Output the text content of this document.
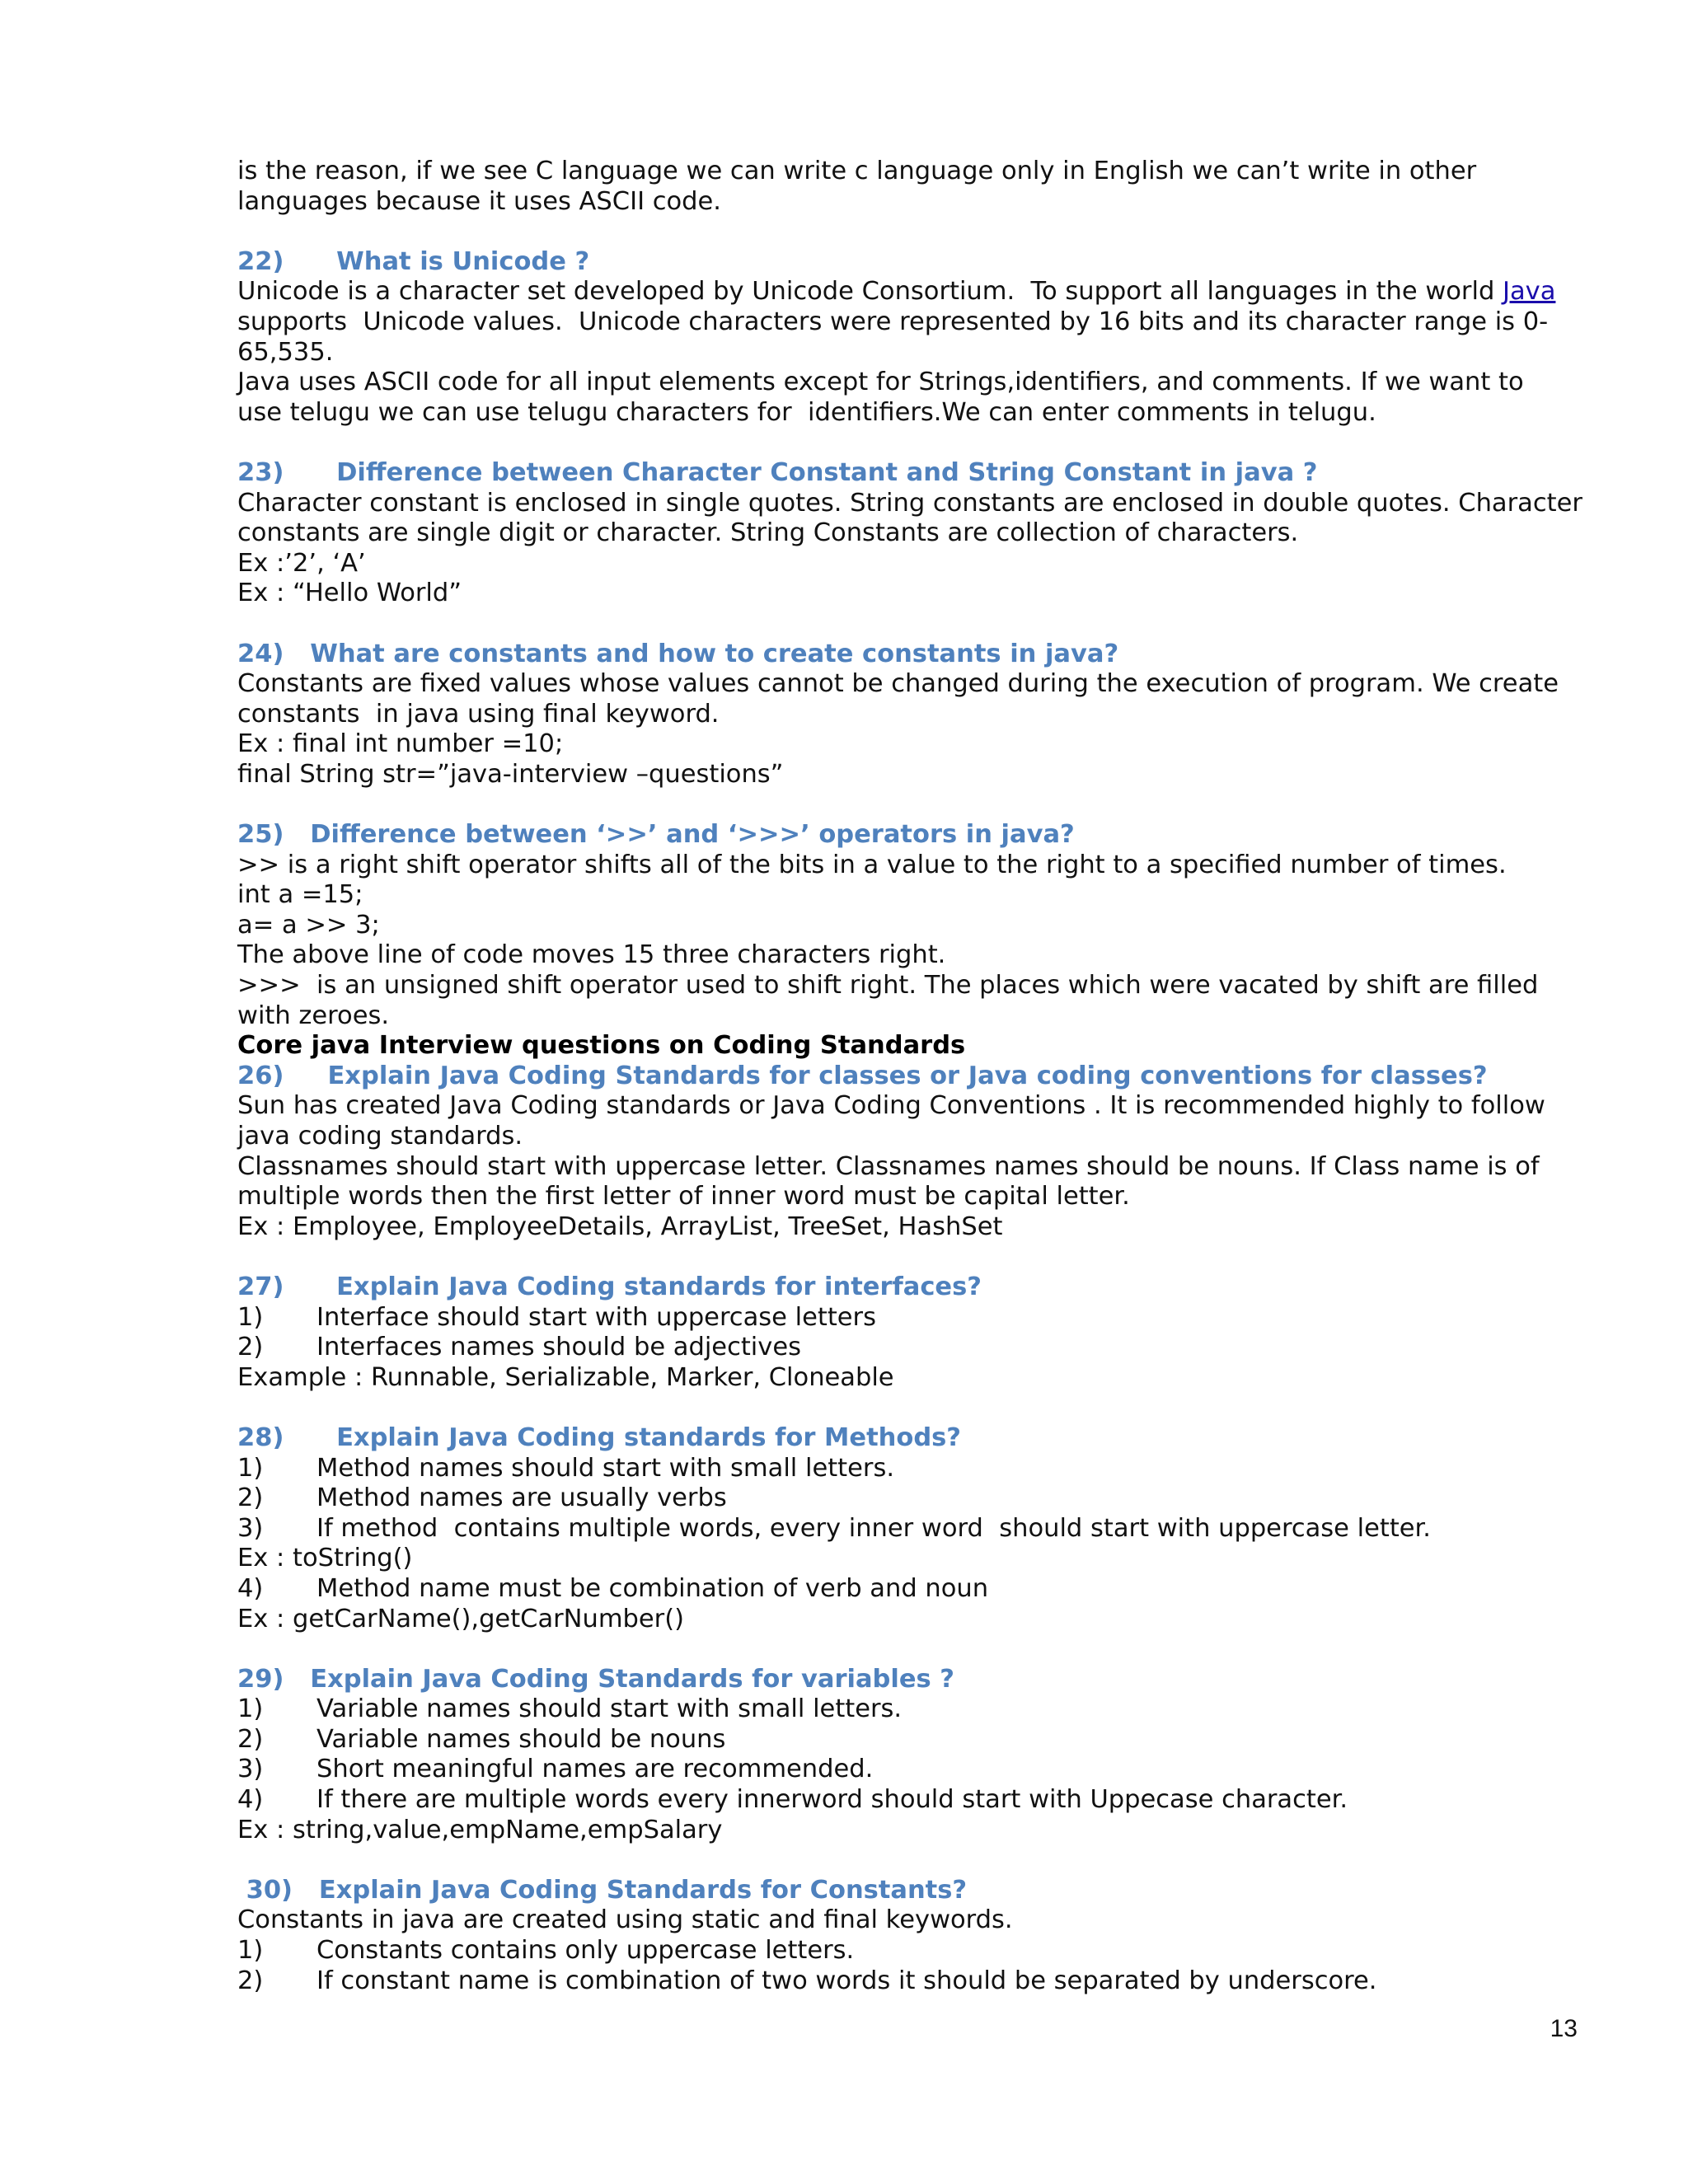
is the reason, if we see C language we can write c language only in English we can’t write in other
languages because it uses ASCII code.
22)      What is Unicode ?
Unicode is a character set developed by Unicode Consortium.  To support all languages in the world Java
supports  Unicode values.  Unicode characters were represented by 16 bits and its character range is 0-
65,535.
Java uses ASCII code for all input elements except for Strings,identifiers, and comments. If we want to
use telugu we can use telugu characters for  identifiers.We can enter comments in telugu.
23)      Difference between Character Constant and String Constant in java ?
Character constant is enclosed in single quotes. String constants are enclosed in double quotes. Character
constants are single digit or character. String Constants are collection of characters.
Ex :’2’, ‘A’
Ex : “Hello World”
24)   What are constants and how to create constants in java?
Constants are fixed values whose values cannot be changed during the execution of program. We create
constants  in java using final keyword.
Ex : final int number =10;
final String str=”java-interview –questions”
25)   Difference between ‘>>’ and ‘>>>’ operators in java?
>> is a right shift operator shifts all of the bits in a value to the right to a specified number of times.
int a =15;
a= a >> 3;
The above line of code moves 15 three characters right.
>>>  is an unsigned shift operator used to shift right. The places which were vacated by shift are filled
with zeroes.
Core java Interview questions on Coding Standards
26)     Explain Java Coding Standards for classes or Java coding conventions for classes?
Sun has created Java Coding standards or Java Coding Conventions . It is recommended highly to follow
java coding standards.
Classnames should start with uppercase letter. Classnames names should be nouns. If Class name is of
multiple words then the first letter of inner word must be capital letter.
Ex : Employee, EmployeeDetails, ArrayList, TreeSet, HashSet
27)      Explain Java Coding standards for interfaces?
1) Interface should start with uppercase letters
2) Interfaces names should be adjectives
Example : Runnable, Serializable, Marker, Cloneable
28)      Explain Java Coding standards for Methods?
1) Method names should start with small letters.
2) Method names are usually verbs
3) If method  contains multiple words, every inner word  should start with uppercase letter.
Ex : toString()
4) Method name must be combination of verb and noun
Ex : getCarName(),getCarNumber()
29)   Explain Java Coding Standards for variables ?
1) Variable names should start with small letters.
2) Variable names should be nouns
3) Short meaningful names are recommended.
4) If there are multiple words every innerword should start with Uppecase character.
Ex : string,value,empName,empSalary
30)   Explain Java Coding Standards for Constants?
Constants in java are created using static and final keywords.
1) Constants contains only uppercase letters.
2) If constant name is combination of two words it should be separated by underscore.
13
